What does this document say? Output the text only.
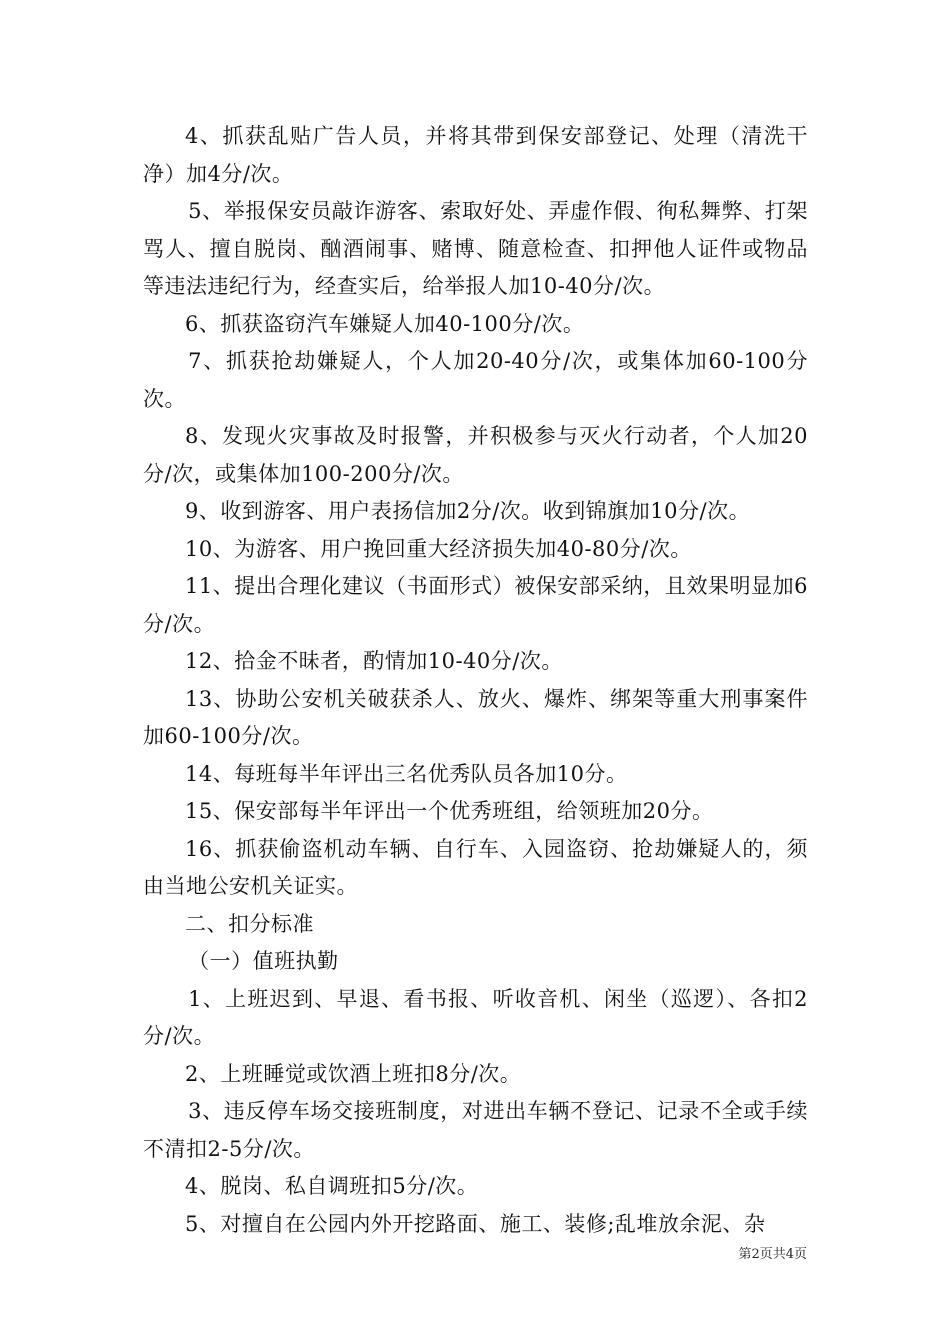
4、抓获乱贴广告人员，并将其带到保安部登记、处理（清洗干净）加4分/次。

5、举报保安员敲诈游客、索取好处、弄虚作假、徇私舞弊、打架骂人、擅自脱岗、酗酒闹事、赌博、随意检查、扣押他人证件或物品等违法违纪行为，经查实后，给举报人加10-40分/次。

6、抓获盗窃汽车嫌疑人加40-100分/次。

7、抓获抢劫嫌疑人，个人加20-40分/次，或集体加60-100分次。

8、发现火灾事故及时报警，并积极参与灭火行动者，个人加20分/次，或集体加100-200分/次。

9、收到游客、用户表扬信加2分/次。收到锦旗加10分/次。

10、为游客、用户挽回重大经济损失加40-80分/次。

11、提出合理化建议（书面形式）被保安部采纳，且效果明显加6分/次。

12、拾金不昧者，酌情加10-40分/次。

13、协助公安机关破获杀人、放火、爆炸、绑架等重大刑事案件加60-100分/次。

14、每班每半年评出三名优秀队员各加10分。

15、保安部每半年评出一个优秀班组，给领班加20分。

16、抓获偷盗机动车辆、自行车、入园盗窃、抢劫嫌疑人的，须由当地公安机关证实。

二、扣分标准

（一）值班执勤

1、上班迟到、早退、看书报、听收音机、闲坐（巡逻）、各扣2分/次。

2、上班睡觉或饮酒上班扣8分/次。

3、违反停车场交接班制度，对进出车辆不登记、记录不全或手续不清扣2-5分/次。

4、脱岗、私自调班扣5分/次。

5、对擅自在公园内外开挖路面、施工、装修;乱堆放余泥、杂

第2页共4页
